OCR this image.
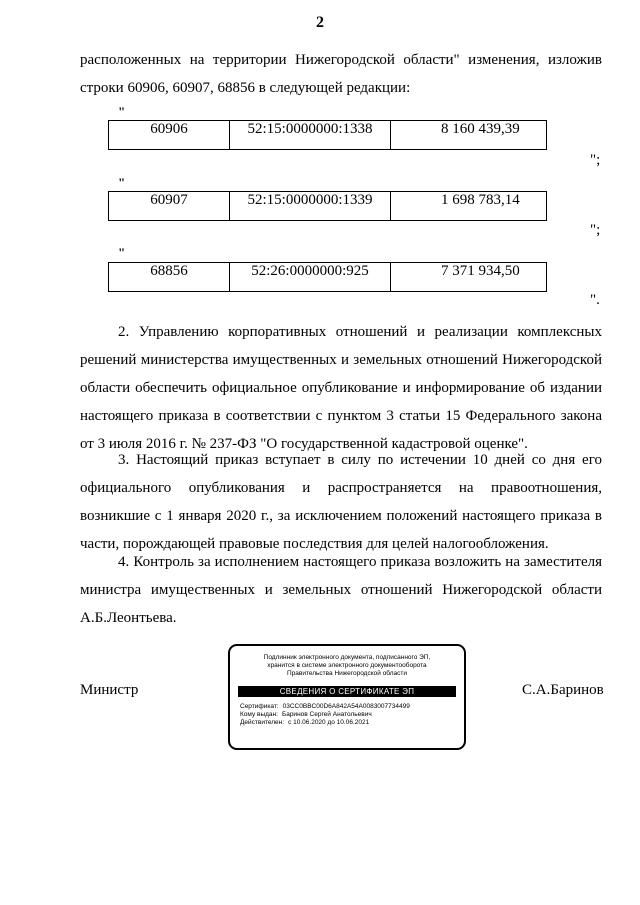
2
расположенных на территории Нижегородской области" изменения, изложив
строки 60906, 60907, 68856 в следующей редакции:
"
60906	52:15:0000000:1338	8 160 439,39
";
"
60907	52:15:0000000:1339	1 698 783,14
";
"
68856	52:26:0000000:925	7 371 934,50
".
2. Управлению корпоративных отношений и реализации комплексных решений министерства имущественных и земельных отношений Нижегородской области обеспечить официальное опубликование и информирование об издании настоящего приказа в соответствии с пунктом 3 статьи 15 Федерального закона от 3 июля 2016 г. № 237-ФЗ "О государственной кадастровой оценке".
3. Настоящий приказ вступает в силу по истечении 10 дней со дня его официального опубликования и распространяется на правоотношения, возникшие с 1 января 2020 г., за исключением положений настоящего приказа в части, порождающей правовые последствия для целей налогообложения.
4. Контроль за исполнением настоящего приказа возложить на заместителя министра имущественных и земельных отношений Нижегородской области А.Б.Леонтьева.
Министр
Подлинник электронного документа, подписанного ЭП,
хранится в системе электронного документооборота
Правительства Нижегородской области
СВЕДЕНИЯ О СЕРТИФИКАТЕ ЭП
Сертификат: 03CC0BBC00D6A842A54A0083007734499
Кому выдан: Баринов Сергей Анатольевич
Действителен: с 10.06.2020 до 10.06.2021
С.А.Баринов
